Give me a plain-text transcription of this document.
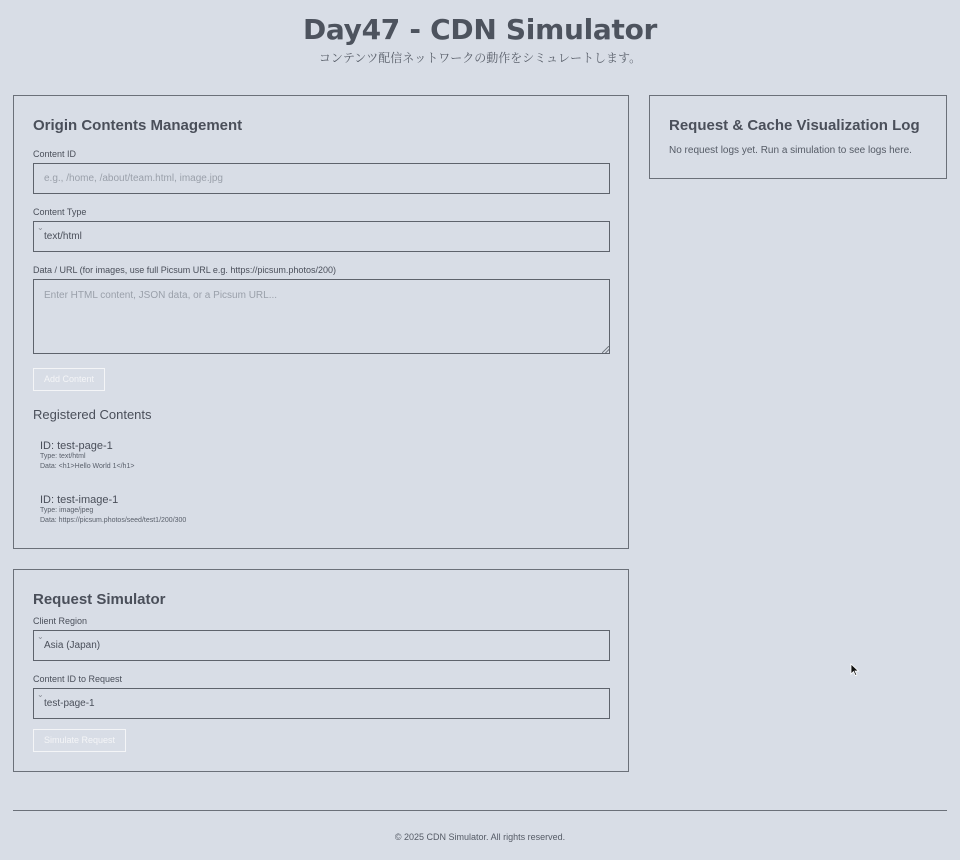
Day47 - CDN Simulator
コンテンツ配信ネットワークの動作をシミュレートします。
Origin Contents Management
Content ID
e.g., /home, /about/team.html, image.jpg
Content Type
⌄
text/html
Data / URL (for images, use full Picsum URL e.g. https://picsum.photos/200)
Enter HTML content, JSON data, or a Picsum URL...
Add Content
Registered Contents
ID: test-page-1
Type: text/html
Data: <h1>Hello World 1</h1>
ID: test-image-1
Type: image/jpeg
Data: https://picsum.photos/seed/test1/200/300
Request & Cache Visualization Log
No request logs yet. Run a simulation to see logs here.
Request Simulator
Client Region
⌄
Asia (Japan)
Content ID to Request
⌄
test-page-1
Simulate Request
© 2025 CDN Simulator. All rights reserved.
